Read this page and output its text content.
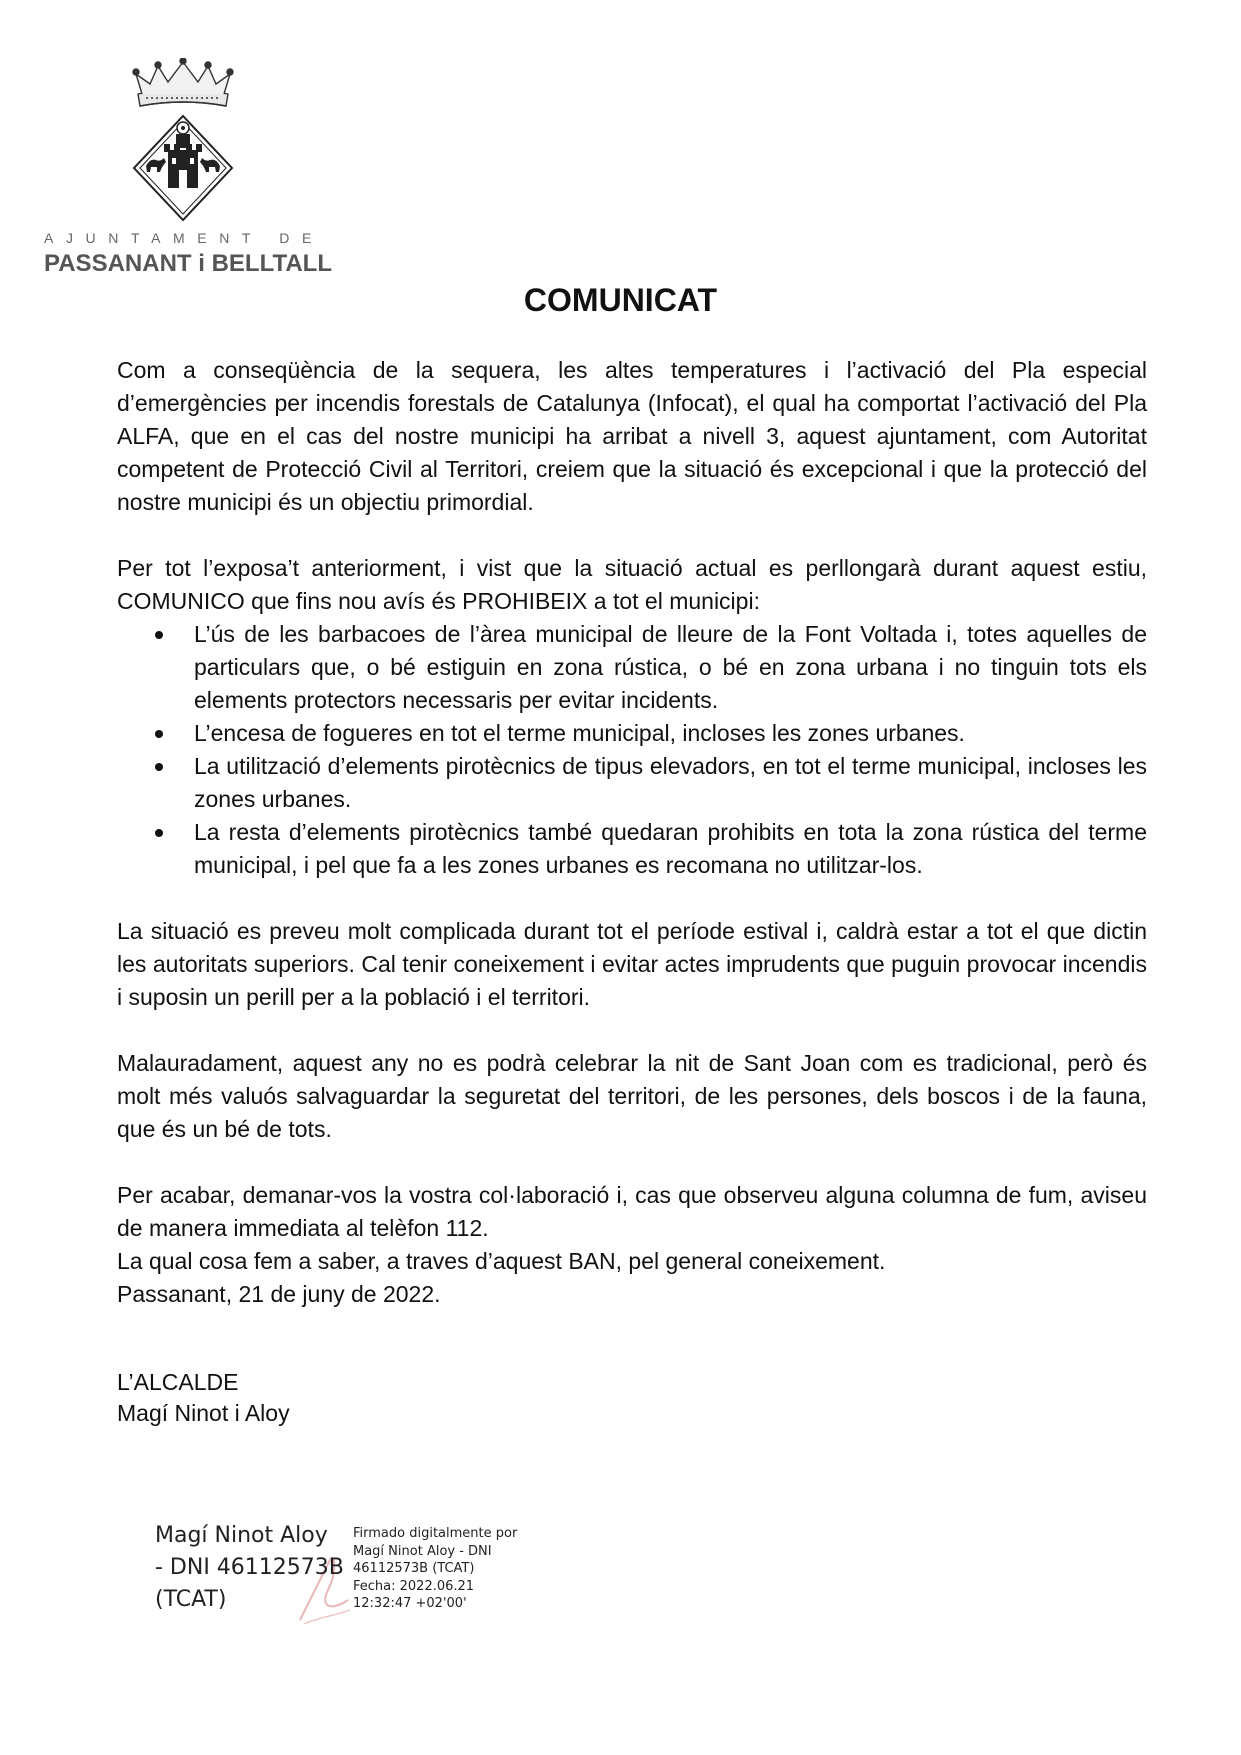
AJUNTAMENT DE
PASSANANT i BELLTALL
COMUNICAT

Com a conseqüència de la sequera, les altes temperatures i l’activació del Pla especial d’emergències per incendis forestals de Catalunya (Infocat), el qual ha comportat l’activació del Pla ALFA, que en el cas del nostre municipi ha arribat a nivell 3, aquest ajuntament, com Autoritat competent de Protecció Civil al Territori, creiem que la situació és excepcional i que la protecció del nostre municipi és un objectiu primordial.

Per tot l’exposa’t anteriorment, i vist que la situació actual es perllongarà durant aquest estiu, COMUNICO que fins nou avís és PROHIBEIX a tot el municipi:

L’ús de les barbacoes de l’àrea municipal de lleure de la Font Voltada i, totes aquelles de particulars que, o bé estiguin en zona rústica, o bé en zona urbana i no tinguin tots els elements protectors necessaris per evitar incidents.
L’encesa de fogueres en tot el terme municipal, incloses les zones urbanes.
La utilització d’elements pirotècnics de tipus elevadors, en tot el terme municipal, incloses les zones urbanes.
La resta d’elements pirotècnics també quedaran prohibits en tota la zona rústica del terme municipal, i pel que fa a les zones urbanes es recomana no utilitzar-los.

La situació es preveu molt complicada durant tot el període estival i, caldrà estar a tot el que dictin les autoritats superiors. Cal tenir coneixement i evitar actes imprudents que puguin provocar incendis i suposin un perill per a la població i el territori.

Malauradament, aquest any no es podrà celebrar la nit de Sant Joan com es tradicional, però és molt més valuós salvaguardar la seguretat del territori, de les persones, dels boscos i de la fauna, que és un bé de tots.

Per acabar, demanar-vos la vostra col·laboració i, cas que observeu alguna columna de fum, aviseu de manera immediata al telèfon 112.

La qual cosa fem a saber, a traves d’aquest BAN, pel general coneixement.

Passanant, 21 de juny de 2022.

L’ALCALDE
Magí Ninot i Aloy
Magí Ninot Aloy
- DNI 46112573B
(TCAT)
Firmado digitalmente por
Magí Ninot Aloy - DNI
46112573B (TCAT)
Fecha: 2022.06.21
12:32:47 +02'00'
